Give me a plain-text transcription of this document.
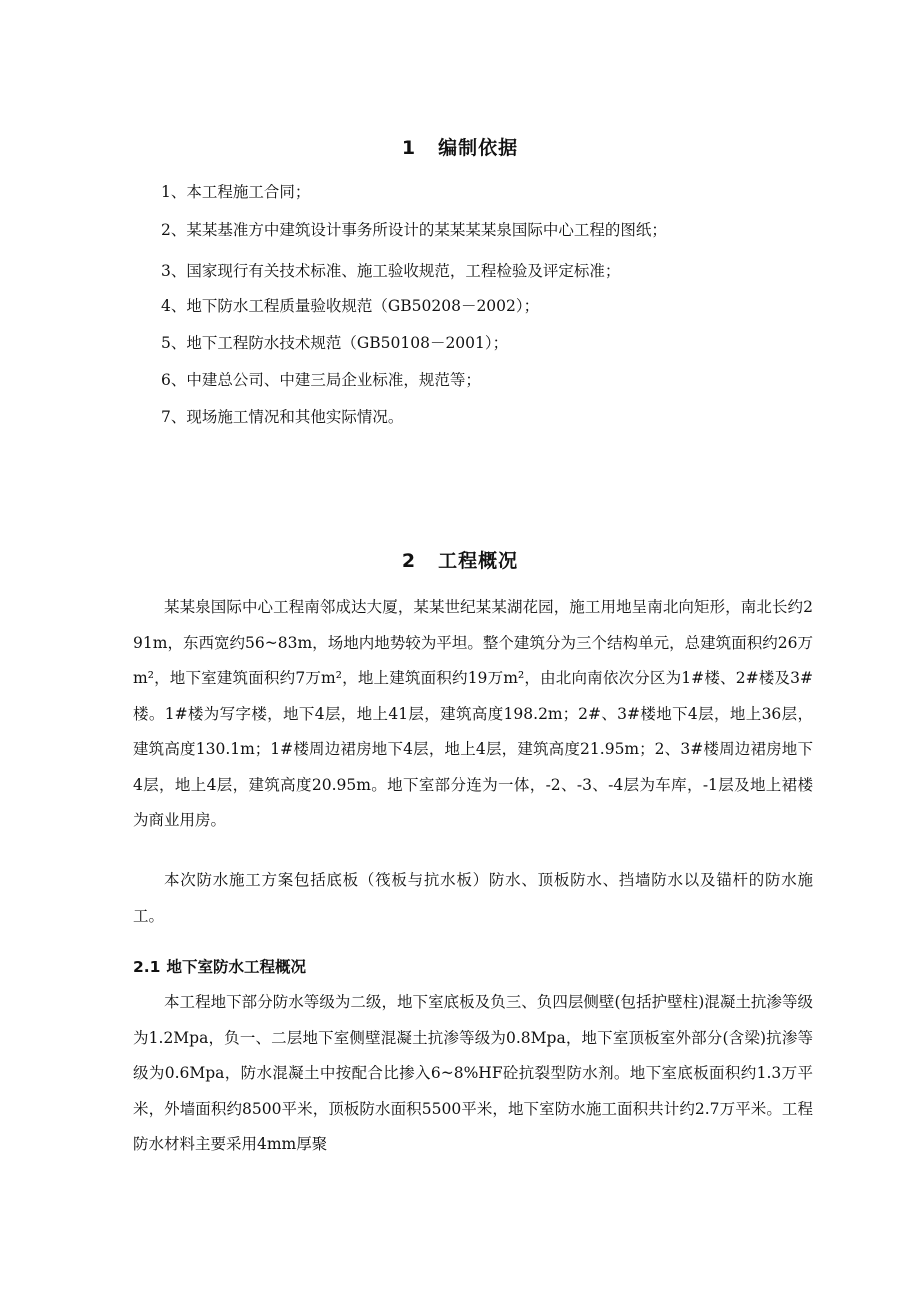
1 编制依据
1、本工程施工合同；
2、某某基准方中建筑设计事务所设计的某某某某泉国际中心工程的图纸；
3、国家现行有关技术标准、施工验收规范，工程检验及评定标准；
4、地下防水工程质量验收规范（GB50208－2002）；
5、地下工程防水技术规范（GB50108－2001）；
6、中建总公司、中建三局企业标准，规范等；
7、现场施工情况和其他实际情况。
2 工程概况
某某泉国际中心工程南邻成达大厦，某某世纪某某湖花园，施工用地呈南北向矩形，南北长约291m，东西宽约56~83m，场地内地势较为平坦。整个建筑分为三个结构单元，总建筑面积约26万m²，地下室建筑面积约7万m²，地上建筑面积约19万m²，由北向南依次分区为1#楼、2#楼及3#楼。1#楼为写字楼，地下4层，地上41层，建筑高度198.2m；2#、3#楼地下4层，地上36层，建筑高度130.1m；1#楼周边裙房地下4层，地上4层，建筑高度21.95m；2、3#楼周边裙房地下4层，地上4层，建筑高度20.95m。地下室部分连为一体，-2、-3、-4层为车库，-1层及地上裙楼为商业用房。
本次防水施工方案包括底板（筏板与抗水板）防水、顶板防水、挡墙防水以及锚杆的防水施工。
2.1 地下室防水工程概况
本工程地下部分防水等级为二级，地下室底板及负三、负四层侧壁(包括护壁柱)混凝土抗渗等级为1.2Mpa，负一、二层地下室侧壁混凝土抗渗等级为0.8Mpa，地下室顶板室外部分(含梁)抗渗等级为0.6Mpa，防水混凝土中按配合比掺入6~8%HF砼抗裂型防水剂。地下室底板面积约1.3万平米，外墙面积约8500平米，顶板防水面积5500平米，地下室防水施工面积共计约2.7万平米。工程防水材料主要采用4mm厚聚
